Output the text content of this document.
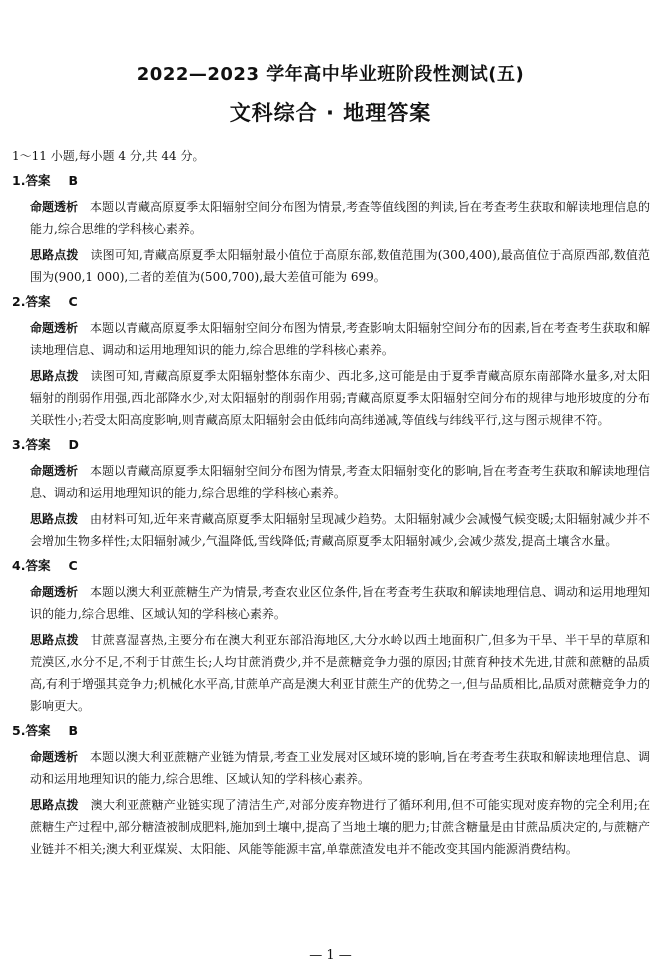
2022—2023 学年高中毕业班阶段性测试(五)
文科综合 · 地理答案
1～11 小题,每小题 4 分,共 44 分。
1.答案 B
命题透析 本题以青藏高原夏季太阳辐射空间分布图为情景,考查等值线图的判读,旨在考查考生获取和解读地理信息的能力,综合思维的学科核心素养。
思路点拨 读图可知,青藏高原夏季太阳辐射最小值位于高原东部,数值范围为(300,400),最高值位于高原西部,数值范围为(900,1 000),二者的差值为(500,700),最大差值可能为 699。
2.答案 C
命题透析 本题以青藏高原夏季太阳辐射空间分布图为情景,考查影响太阳辐射空间分布的因素,旨在考查考生获取和解读地理信息、调动和运用地理知识的能力,综合思维的学科核心素养。
思路点拨 读图可知,青藏高原夏季太阳辐射整体东南少、西北多,这可能是由于夏季青藏高原东南部降水量多,对太阳辐射的削弱作用强,西北部降水少,对太阳辐射的削弱作用弱;青藏高原夏季太阳辐射空间分布的规律与地形坡度的分布关联性小;若受太阳高度影响,则青藏高原太阳辐射会由低纬向高纬递减,等值线与纬线平行,这与图示规律不符。
3.答案 D
命题透析 本题以青藏高原夏季太阳辐射空间分布图为情景,考查太阳辐射变化的影响,旨在考查考生获取和解读地理信息、调动和运用地理知识的能力,综合思维的学科核心素养。
思路点拨 由材料可知,近年来青藏高原夏季太阳辐射呈现减少趋势。太阳辐射减少会减慢气候变暖;太阳辐射减少并不会增加生物多样性;太阳辐射减少,气温降低,雪线降低;青藏高原夏季太阳辐射减少,会减少蒸发,提高土壤含水量。
4.答案 C
命题透析 本题以澳大利亚蔗糖生产为情景,考查农业区位条件,旨在考查考生获取和解读地理信息、调动和运用地理知识的能力,综合思维、区域认知的学科核心素养。
思路点拨 甘蔗喜湿喜热,主要分布在澳大利亚东部沿海地区,大分水岭以西土地面积广,但多为干旱、半干旱的草原和荒漠区,水分不足,不利于甘蔗生长;人均甘蔗消费少,并不是蔗糖竞争力强的原因;甘蔗育种技术先进,甘蔗和蔗糖的品质高,有利于增强其竞争力;机械化水平高,甘蔗单产高是澳大利亚甘蔗生产的优势之一,但与品质相比,品质对蔗糖竞争力的影响更大。
5.答案 B
命题透析 本题以澳大利亚蔗糖产业链为情景,考查工业发展对区域环境的影响,旨在考查考生获取和解读地理信息、调动和运用地理知识的能力,综合思维、区域认知的学科核心素养。
思路点拨 澳大利亚蔗糖产业链实现了清洁生产,对部分废弃物进行了循环利用,但不可能实现对废弃物的完全利用;在蔗糖生产过程中,部分糖渣被制成肥料,施加到土壤中,提高了当地土壤的肥力;甘蔗含糖量是由甘蔗品质决定的,与蔗糖产业链并不相关;澳大利亚煤炭、太阳能、风能等能源丰富,单靠蔗渣发电并不能改变其国内能源消费结构。
— 1 —
